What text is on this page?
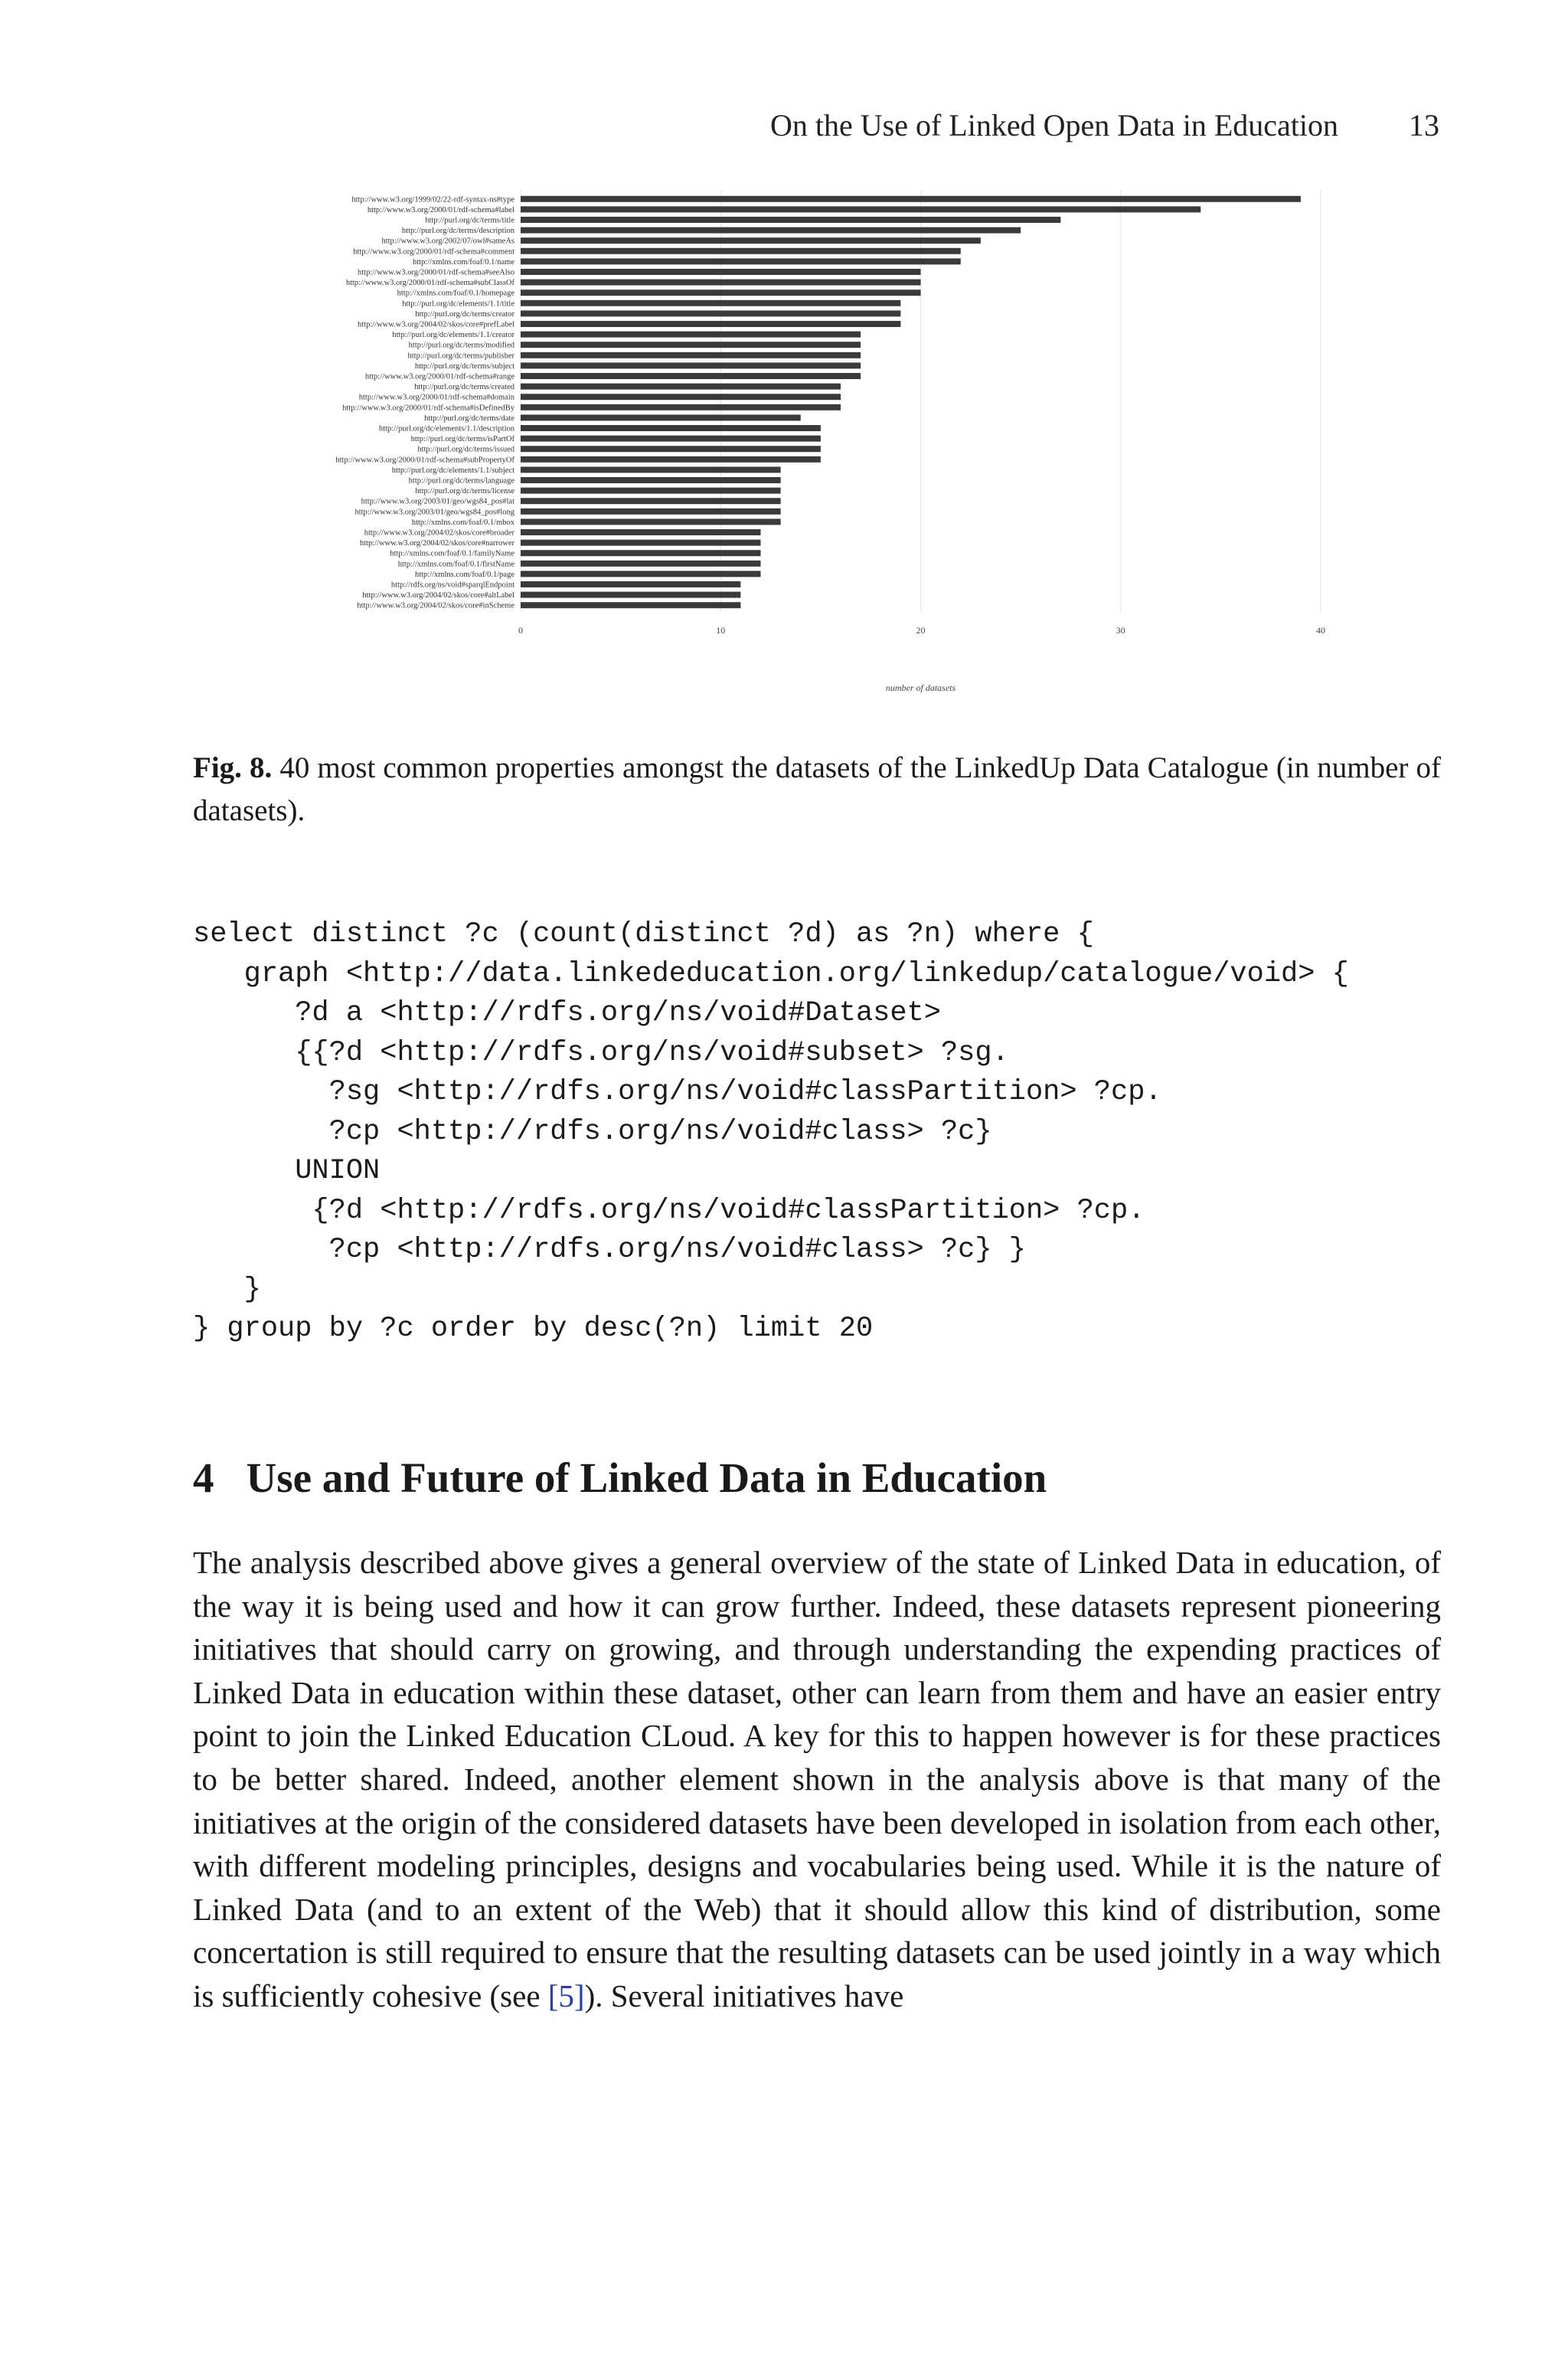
On the Use of Linked Open Data in Education 13
0	10	20	30	40
http://www.w3.org/1999/02/22-rdf-syntax-ns#type
http://www.w3.org/2000/01/rdf-schema#label
http://purl.org/dc/terms/title
http://purl.org/dc/terms/description
http://www.w3.org/2002/07/owl#sameAs
http://www.w3.org/2000/01/rdf-schema#comment
http://xmlns.com/foaf/0.1/name
http://www.w3.org/2000/01/rdf-schema#seeAlso
http://www.w3.org/2000/01/rdf-schema#subClassOf
http://xmlns.com/foaf/0.1/homepage
http://purl.org/dc/elements/1.1/title
http://purl.org/dc/terms/creator
http://www.w3.org/2004/02/skos/core#prefLabel
http://purl.org/dc/elements/1.1/creator
http://purl.org/dc/terms/modified
http://purl.org/dc/terms/publisher
http://purl.org/dc/terms/subject
http://www.w3.org/2000/01/rdf-schema#range
http://purl.org/dc/terms/created
http://www.w3.org/2000/01/rdf-schema#domain
http://www.w3.org/2000/01/rdf-schema#isDefinedBy
http://purl.org/dc/terms/date
http://purl.org/dc/elements/1.1/description
http://purl.org/dc/terms/isPartOf
http://purl.org/dc/terms/issued
http://www.w3.org/2000/01/rdf-schema#subPropertyOf
http://purl.org/dc/elements/1.1/subject
http://purl.org/dc/terms/language
http://purl.org/dc/terms/license
http://www.w3.org/2003/01/geo/wgs84_pos#lat
http://www.w3.org/2003/01/geo/wgs84_pos#long
http://xmlns.com/foaf/0.1/mbox
http://www.w3.org/2004/02/skos/core#broader
http://www.w3.org/2004/02/skos/core#narrower
http://xmlns.com/foaf/0.1/familyName
http://xmlns.com/foaf/0.1/firstName
http://xmlns.com/foaf/0.1/page
http://rdfs.org/ns/void#sparqlEndpoint
http://www.w3.org/2004/02/skos/core#altLabel
http://www.w3.org/2004/02/skos/core#inScheme
number of datasets
Fig. 8. 40 most common properties amongst the datasets of the LinkedUp Data Catalogue (in number of datasets).
select distinct ?c (count(distinct ?d) as ?n) where {
graph <http://data.linkededucation.org/linkedup/catalogue/void> {
?d a <http://rdfs.org/ns/void#Dataset>
{{?d <http://rdfs.org/ns/void#subset> ?sg.
?sg <http://rdfs.org/ns/void#classPartition> ?cp.
?cp <http://rdfs.org/ns/void#class> ?c}
UNION
{?d <http://rdfs.org/ns/void#classPartition> ?cp.
?cp <http://rdfs.org/ns/void#class> ?c} }
}
} group by ?c order by desc(?n) limit 20
4 Use and Future of Linked Data in Education

The analysis described above gives a general overview of the state of Linked Data in education, of the way it is being used and how it can grow further. Indeed, these datasets represent pioneering initiatives that should carry on growing, and through understanding the expending practices of Linked Data in education within these dataset, other can learn from them and have an easier entry point to join the Linked Education CLoud. A key for this to happen however is for these practices to be better shared. Indeed, another element shown in the analysis above is that many of the initiatives at the origin of the considered datasets have been developed in isolation from each other, with different modeling principles, designs and vocabularies being used. While it is the nature of Linked Data (and to an extent of the Web) that it should allow this kind of distribution, some concertation is still required to ensure that the resulting datasets can be used jointly in a way which is sufficiently cohesive (see [5]). Several initiatives have
